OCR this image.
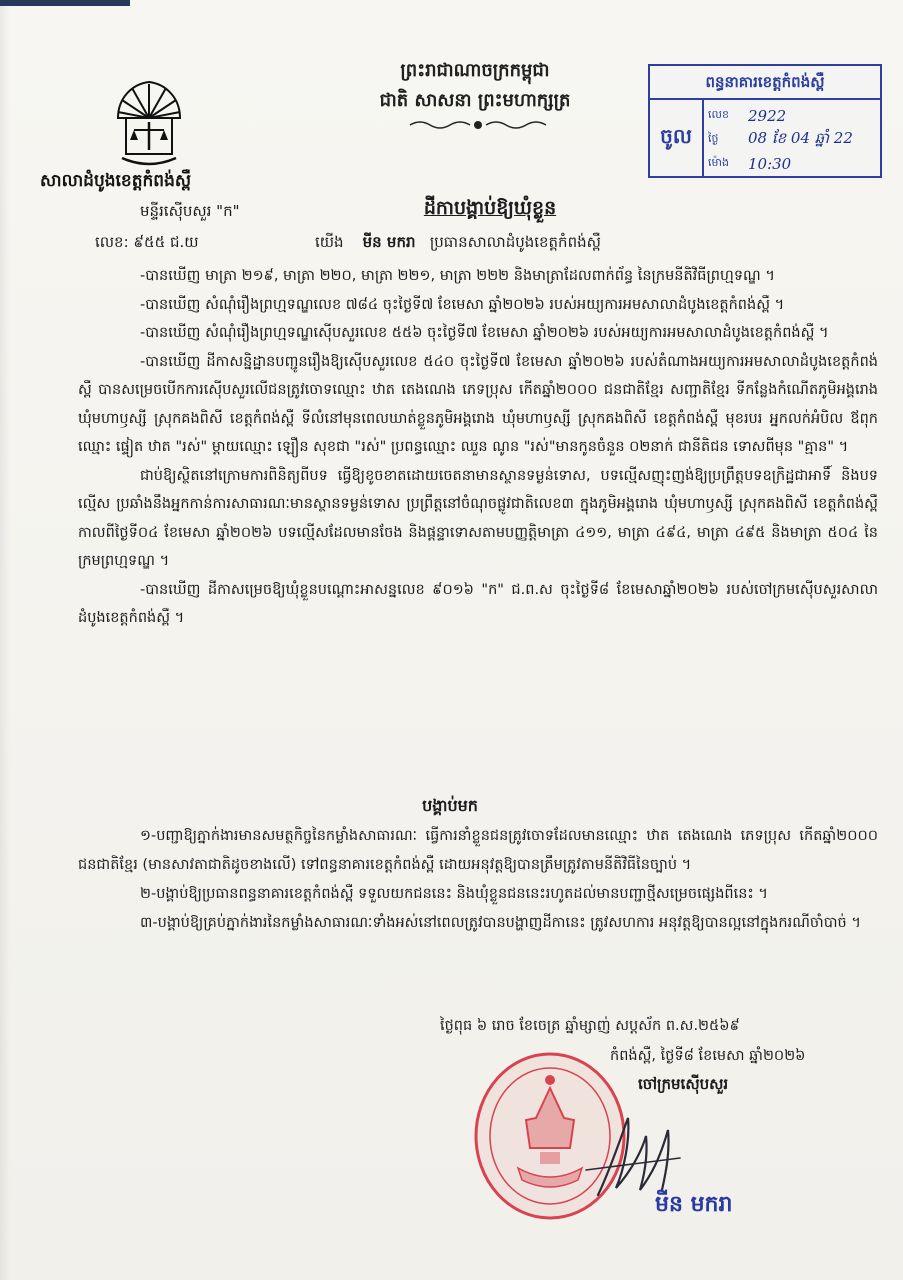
សាលាដំបូងខេត្តកំពង់ស្ពឺ
មន្ទីរស៊ើបសួរ "ក"
លេខ: ៩៥៥ ជ.យ
ព្រះរាជាណាចក្រកម្ពុជា
ជាតិ សាសនា ព្រះមហាក្សត្រ
ពន្ធនាគារខេត្តកំពង់ស្ពឺ
ចូល
លេខ	2922
ថ្ងៃ	08 ខែ 04 ឆ្នាំ 22
ម៉ោង	10:30
ដីកាបង្គាប់ឱ្យឃុំខ្លួន
យើង មីន មករា ប្រធានសាលាដំបូងខេត្តកំពង់ស្ពឺ

-បានឃើញ មាត្រា ២១៩, មាត្រា ២២០, មាត្រា ២២១, មាត្រា ២២២ និងមាត្រាដែលពាក់ព័ន្ធ នៃក្រមនីតិវិធីព្រហ្មទណ្ឌ ។

-បានឃើញ សំណុំរឿងព្រហ្មទណ្ឌលេខ ៧៨៤ ចុះថ្ងៃទី៧ ខែមេសា ឆ្នាំ២០២៦ របស់អយ្យការអមសាលាដំបូងខេត្តកំពង់ស្ពឺ ។

-បានឃើញ សំណុំរឿងព្រហ្មទណ្ឌស៊ើបសួរលេខ ៥៥៦ ចុះថ្ងៃទី៧ ខែមេសា ឆ្នាំ២០២៦ របស់អយ្យការអមសាលាដំបូងខេត្តកំពង់ស្ពឺ ។

-បានឃើញ ដីកាសន្និដ្ឋានបញ្ជូនរឿងឱ្យស៊ើបសួរលេខ ៥៤០ ចុះថ្ងៃទី៧ ខែមេសា ឆ្នាំ២០២៦ របស់តំណាងអយ្យការអមសាលាដំបូងខេត្តកំពង់ស្ពឺ បានសម្រេចបើកការស៊ើបសួរលើជនត្រូវចោទឈ្មោះ ឋាត តេងណេង ភេទប្រុស កើតឆ្នាំ២០០០ ជនជាតិខ្មែរ សញ្ជាតិខ្មែរ ទីកន្លែងកំណើតភូមិអង្គរោង ឃុំមហាឫស្សី ស្រុកគងពិសី ខេត្តកំពង់ស្ពឺ ទីលំនៅមុនពេលឃាត់ខ្លួនភូមិអង្គរោង ឃុំមហាឫស្សី ស្រុកគងពិសី ខេត្តកំពង់ស្ពឺ មុខរបរ អ្នកលក់អំបិល ឪពុកឈ្មោះ ផ្ទៀត ឋាត "រស់" ម្តាយឈ្មោះ ឡឿន សុខជា "រស់" ប្រពន្ធឈ្មោះ ឈួន ណូន "រស់"មានកូនចំនួន ០២នាក់ ជានីតិជន ទោសពីមុន "គ្មាន" ។

ជាប់ឱ្យស្ថិតនៅក្រោមការពិនិត្យពីបទ ធ្វើឱ្យខូចខាតដោយចេតនាមានស្ថានទម្ងន់ទោស, បទល្មើសញុះញង់ឱ្យប្រព្រឹត្តបទឧក្រិដ្ឋជាអាទិ៍ និងបទល្មើស ប្រឆាំងនឹងអ្នកកាន់ការសាធារណៈមានស្ថានទម្ងន់ទោស ប្រព្រឹត្តនៅចំណុចផ្លូវជាតិលេខ៣ ក្នុងភូមិអង្គរោង ឃុំមហាឫស្សី ស្រុកគងពិសី ខេត្តកំពង់ស្ពឺ កាលពីថ្ងៃទី០៤ ខែមេសា ឆ្នាំ២០២៦ បទល្មើសដែលមានចែង និងផ្តន្ទាទោសតាមបញ្ញត្តិមាត្រា ៤១១, មាត្រា ៤៩៤, មាត្រា ៤៩៥ និងមាត្រា ៥០៤ នៃក្រមព្រហ្មទណ្ឌ ។

-បានឃើញ ដីកាសម្រេចឱ្យឃុំខ្លួនបណ្តោះអាសន្នលេខ ៩០១៦ "ក" ជ.ព.ស ចុះថ្ងៃទី៨ ខែមេសាឆ្នាំ២០២៦ របស់ចៅក្រមស៊ើបសួរសាលាដំបូងខេត្តកំពង់ស្ពឺ ។

បង្គាប់មក

១-បញ្ជាឱ្យភ្នាក់ងារមានសមត្ថកិច្ចនៃកម្លាំងសាធារណៈ ធ្វើការនាំខ្លួនជនត្រូវចោទដែលមានឈ្មោះ ឋាត តេងណេង ភេទប្រុស កើតឆ្នាំ២០០០ ជនជាតិខ្មែរ (មានសាវតាជាតិដូចខាងលើ) ទៅពន្ធនាគារខេត្តកំពង់ស្ពឺ ដោយអនុវត្តឱ្យបានត្រឹមត្រូវតាមនីតិវិធីនៃច្បាប់ ។

២-បង្គាប់ឱ្យប្រធានពន្ធនាគារខេត្តកំពង់ស្ពឺ ទទួលយកជននេះ និងឃុំខ្លួនជននេះរហូតដល់មានបញ្ជាថ្មីសម្រេចផ្សេងពីនេះ ។

៣-បង្គាប់ឱ្យគ្រប់ភ្នាក់ងារនៃកម្លាំងសាធារណៈទាំងអស់នៅពេលត្រូវបានបង្ហាញដីកានេះ ត្រូវសហការ អនុវត្តឱ្យបានល្អនៅក្នុងករណីចាំបាច់ ។

ថ្ងៃពុធ ៦ រោច ខែចេត្រ ឆ្នាំម្សាញ់ សប្តស័ក ព.ស.២៥៦៩
កំពង់ស្ពឺ, ថ្ងៃទី៨ ខែមេសា ឆ្នាំ២០២៦
ចៅក្រមស៊ើបសួរ
មីន មករា
